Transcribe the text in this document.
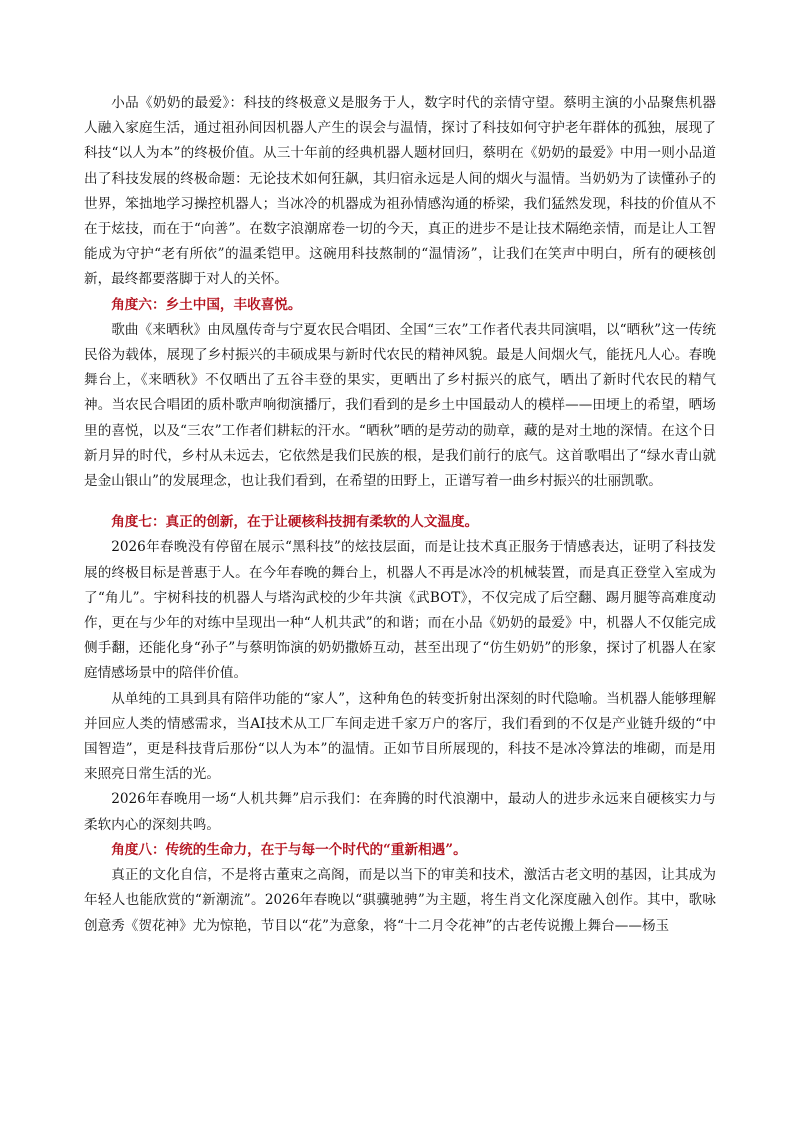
小品《奶奶的最爱》：科技的终极意义是服务于人，数字时代的亲情守望。蔡明主演的小品聚焦机器人融入家庭生活，通过祖孙间因机器人产生的误会与温情，探讨了科技如何守护老年群体的孤独，展现了科技“以人为本”的终极价值。从三十年前的经典机器人题材回归，蔡明在《奶奶的最爱》中用一则小品道出了科技发展的终极命题：无论技术如何狂飙，其归宿永远是人间的烟火与温情。当奶奶为了读懂孙子的世界，笨拙地学习操控机器人；当冰冷的机器成为祖孙情感沟通的桥梁，我们猛然发现，科技的价值从不在于炫技，而在于“向善”。在数字浪潮席卷一切的今天，真正的进步不是让技术隔绝亲情，而是让人工智能成为守护“老有所依”的温柔铠甲。这碗用科技熬制的“温情汤”，让我们在笑声中明白，所有的硬核创新，最终都要落脚于对人的关怀。

角度六：乡土中国，丰收喜悦。

歌曲《来晒秋》由凤凰传奇与宁夏农民合唱团、全国“三农”工作者代表共同演唱，以“晒秋”这一传统民俗为载体，展现了乡村振兴的丰硕成果与新时代农民的精神风貌。最是人间烟火气，能抚凡人心。春晚舞台上，《来晒秋》不仅晒出了五谷丰登的果实，更晒出了乡村振兴的底气，晒出了新时代农民的精气神。当农民合唱团的质朴歌声响彻演播厅，我们看到的是乡土中国最动人的模样——田埂上的希望，晒场里的喜悦，以及“三农”工作者们耕耘的汗水。“晒秋”晒的是劳动的勋章，藏的是对土地的深情。在这个日新月异的时代，乡村从未远去，它依然是我们民族的根，是我们前行的底气。这首歌唱出了“绿水青山就是金山银山”的发展理念，也让我们看到，在希望的田野上，正谱写着一曲乡村振兴的壮丽凯歌。

角度七：真正的创新，在于让硬核科技拥有柔软的人文温度。

2026年春晚没有停留在展示“黑科技”的炫技层面，而是让技术真正服务于情感表达，证明了科技发展的终极目标是普惠于人。在今年春晚的舞台上，机器人不再是冰冷的机械装置，而是真正登堂入室成为了“角儿”。宇树科技的机器人与塔沟武校的少年共演《武BOT》，不仅完成了后空翻、踢月腿等高难度动作，更在与少年的对练中呈现出一种“人机共武”的和谐；而在小品《奶奶的最爱》中，机器人不仅能完成侧手翻，还能化身“孙子”与蔡明饰演的奶奶撒娇互动，甚至出现了“仿生奶奶”的形象，探讨了机器人在家庭情感场景中的陪伴价值。

从单纯的工具到具有陪伴功能的“家人”，这种角色的转变折射出深刻的时代隐喻。当机器人能够理解并回应人类的情感需求，当AI技术从工厂车间走进千家万户的客厅，我们看到的不仅是产业链升级的“中国智造”，更是科技背后那份“以人为本”的温情。正如节目所展现的，科技不是冰冷算法的堆砌，而是用来照亮日常生活的光。

2026年春晚用一场“人机共舞”启示我们：在奔腾的时代浪潮中，最动人的进步永远来自硬核实力与柔软内心的深刻共鸣。

角度八：传统的生命力，在于与每一个时代的“重新相遇”。

真正的文化自信，不是将古董束之高阁，而是以当下的审美和技术，激活古老文明的基因，让其成为年轻人也能欣赏的“新潮流”。2026年春晚以“骐骥驰骋”为主题，将生肖文化深度融入创作。其中，歌咏创意秀《贺花神》尤为惊艳，节目以“花”为意象，将“十二月令花神”的古老传说搬上舞台——杨玉
